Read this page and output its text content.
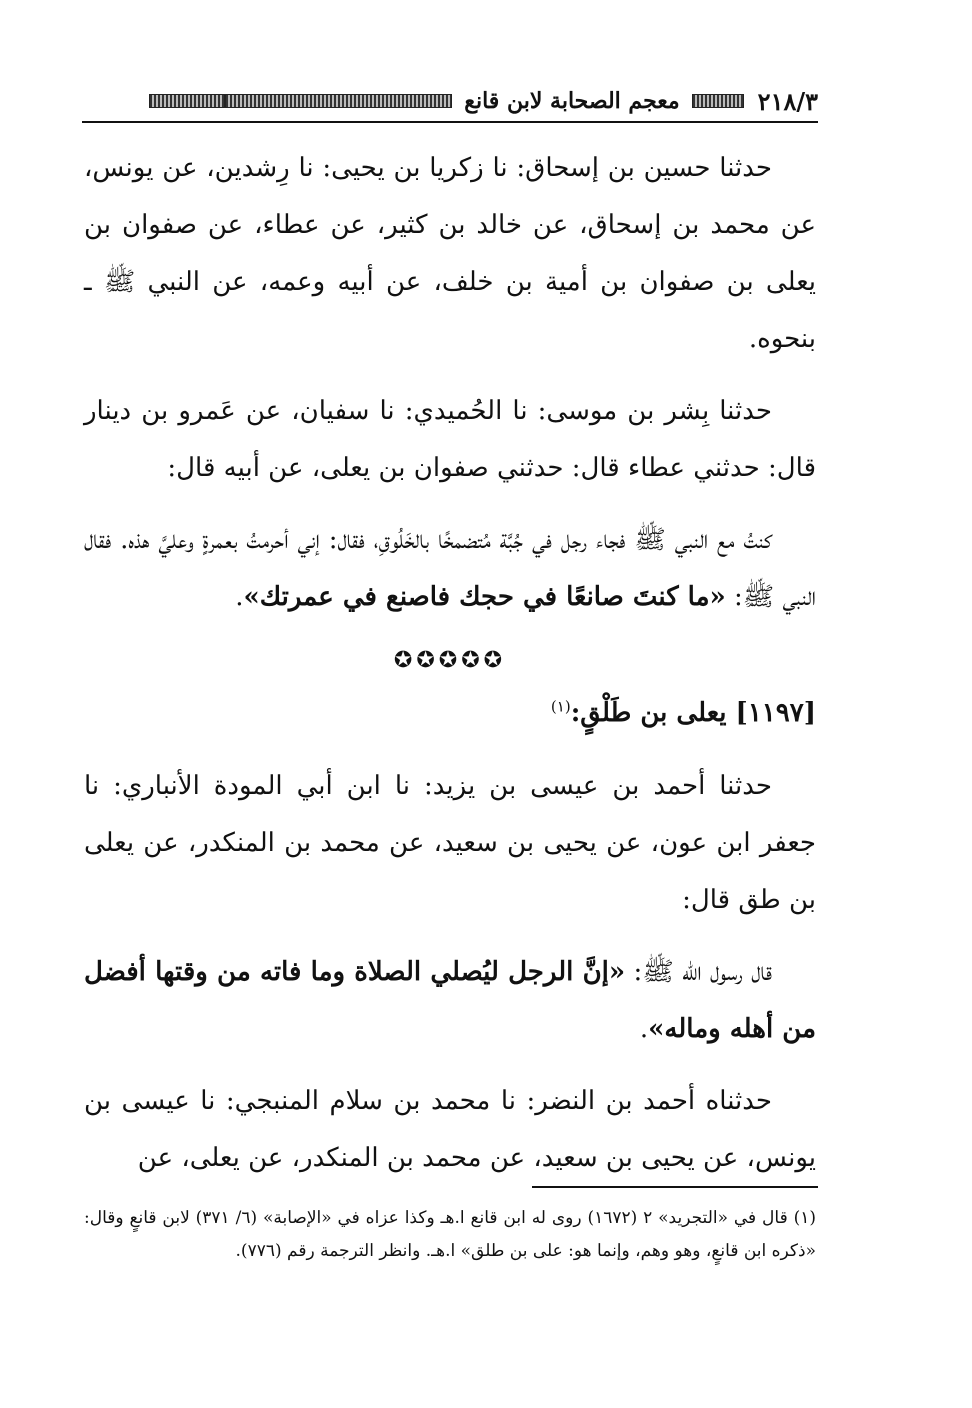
٢١٨/٣
معجم الصحابة لابن قانع

حدثنا حسين بن إسحاق: نا زكريا بن يحيى: نا رِشدين، عن يونس، عن محمد بن إسحاق، عن خالد بن كثير، عن عطاء، عن صفوان بن يعلى بن صفوان بن أمية بن خلف، عن أبيه وعمه، عن النبي ﷺ ـ بنحوه.

حدثنا بِشر بن موسى: نا الحُميدي: نا سفيان، عن عَمرو بن دينار قال: حدثني عطاء قال: حدثني صفوان بن يعلى، عن أبيه قال:

كنتُ مع النبي ﷺ فجاء رجل في جُبَّة مُتضمخًا بالخَلُوقِ، فقال: إني أحرمتُ بعمرةٍ وعليَّ هذه. فقال النبي ﷺ: «ما كنتَ صانعًا في حجك فاصنع في عمرتك».

✪✪✪✪✪

[١١٩٧] يعلى بن طَلْقٍ:$^{(١)}$

حدثنا أحمد بن عيسى بن يزيد: نا ابن أبي المودة الأنباري: نا جعفر ابن عون، عن يحيى بن سعيد، عن محمد بن المنكدر، عن يعلى بن طق قال:

قال رسول الله ﷺ: «إنَّ الرجل ليُصلي الصلاة وما فاته من وقتها أفضل من أهله وماله».

حدثناه أحمد بن النضر: نا محمد بن سلام المنبجي: نا عيسى بن يونس، عن يحيى بن سعيد، عن محمد بن المنكدر، عن يعلى، عن

(١) قال في «التجريد» ٢ (١٦٧٢) روى له ابن قانع ا.هـ وكذا عزاه في «الإصابة» (٦/ ٣٧١) لابن قانعٍ وقال: «ذكره ابن قانعٍ، وهو وهم، وإنما هو: على بن طلق» ا.هـ. وانظر الترجمة رقم (٧٧٦).
